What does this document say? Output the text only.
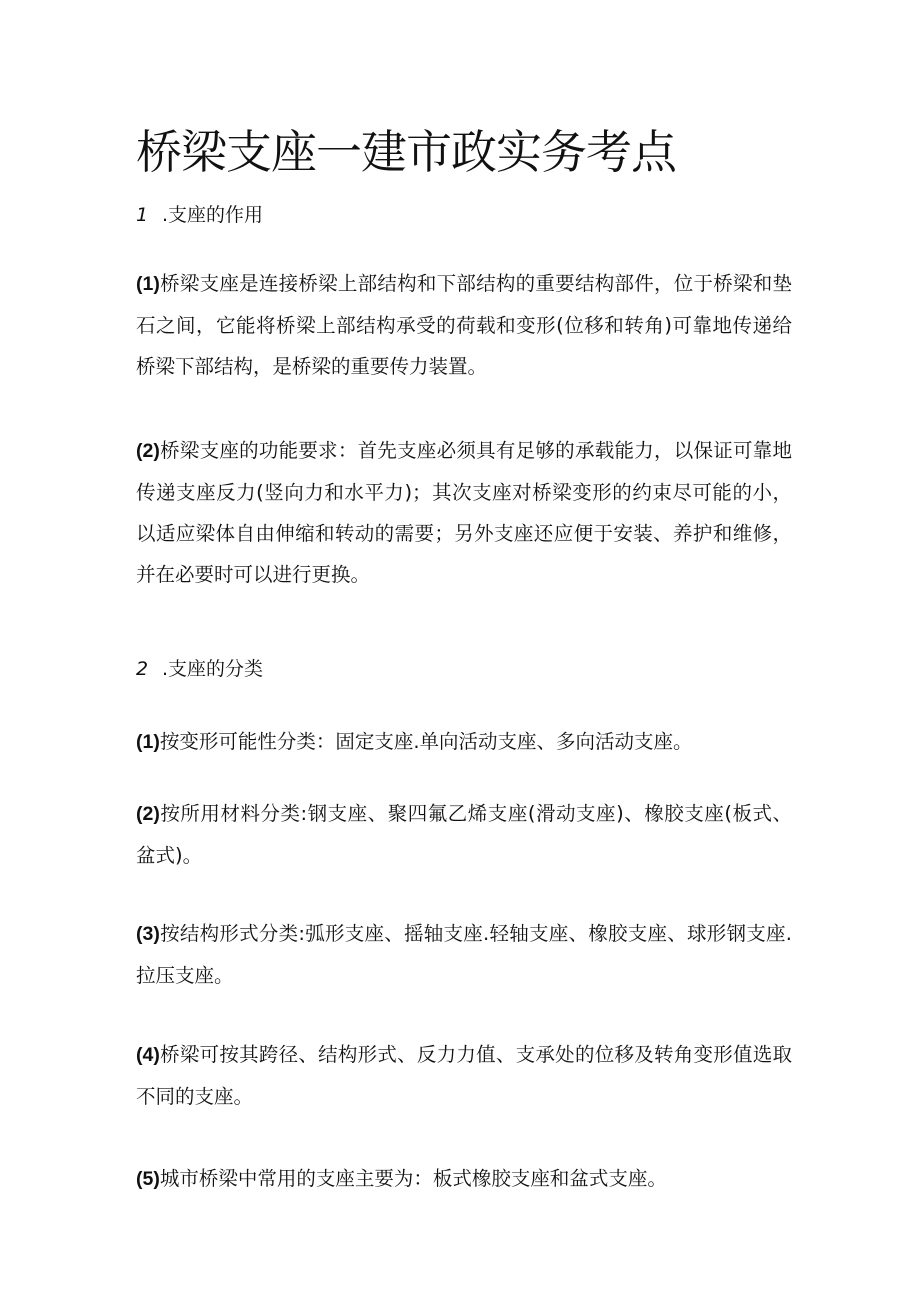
桥梁支座一建市政实务考点
1 .支座的作用

(1)桥梁支座是连接桥梁上部结构和下部结构的重要结构部件，位于桥梁和垫石之间，它能将桥梁上部结构承受的荷载和变形(位移和转角)可靠地传递给桥梁下部结构，是桥梁的重要传力装置。

(2)桥梁支座的功能要求：首先支座必须具有足够的承载能力，以保证可靠地传递支座反力(竖向力和水平力)；其次支座对桥梁变形的约束尽可能的小，以适应梁体自由伸缩和转动的需要；另外支座还应便于安装、养护和维修，并在必要时可以进行更换。

2 .支座的分类

(1)按变形可能性分类：固定支座.单向活动支座、多向活动支座。

(2)按所用材料分类:钢支座、聚四氟乙烯支座(滑动支座)、橡胶支座(板式、盆式)。

(3)按结构形式分类:弧形支座、摇轴支座.轻轴支座、橡胶支座、球形钢支座.拉压支座。

(4)桥梁可按其跨径、结构形式、反力力值、支承处的位移及转角变形值选取不同的支座。

(5)城市桥梁中常用的支座主要为：板式橡胶支座和盆式支座。
